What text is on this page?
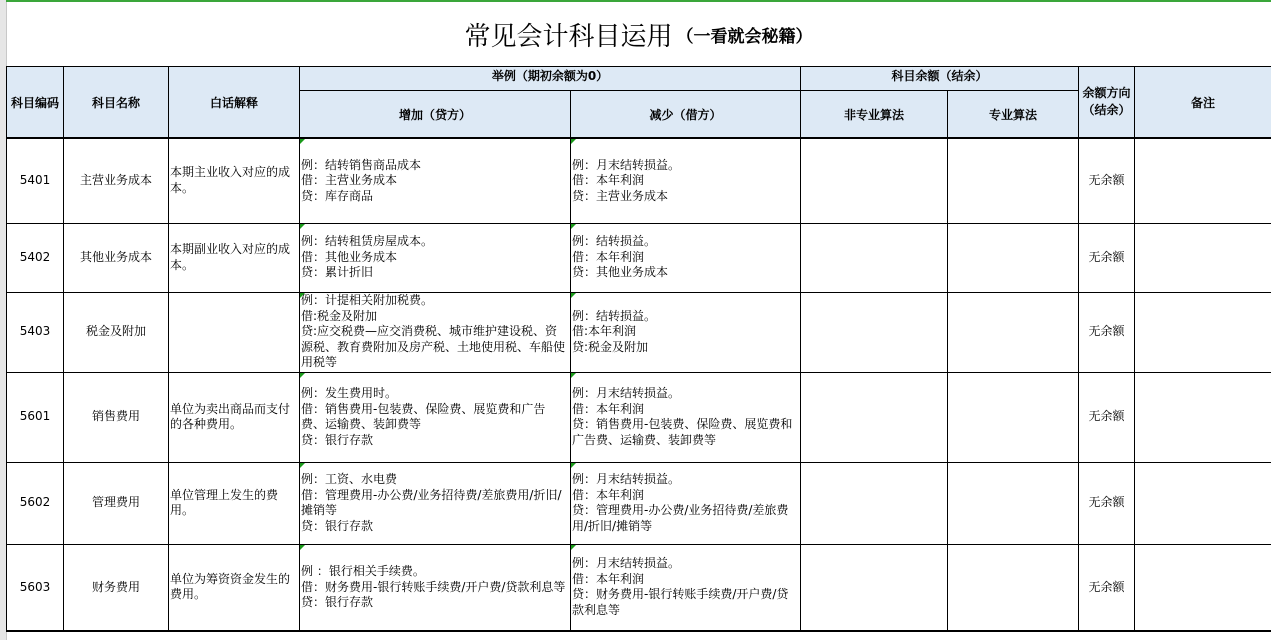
常见会计科目运用 （一看就会秘籍）
科目编码	科目名称	白话解释	举例（期初余额为0）		科目余额（结余）		余额方向（结余）	备注
			增加（贷方）	减少（借方）	非专业算法	专业算法		
5401	主营业务成本	本期主业收入对应的成本。	例：结转销售商品成本
借：主营业务成本
贷：库存商品	例：月末结转损益。
借：本年利润
贷：主营业务成本			无余额	
5402	其他业务成本	本期副业收入对应的成本。	例：结转租赁房屋成本。
借：其他业务成本
贷：累计折旧	例：结转损益。
借：本年利润
贷：其他业务成本			无余额	
5403	税金及附加		例：计提相关附加税费。
借:税金及附加
贷:应交税费—应交消费税、城市维护建设税、资源税、教育费附加及房产税、土地使用税、车船使用税等	例：结转损益。
借:本年利润
贷:税金及附加			无余额	
5601	销售费用	单位为卖出商品而支付的各种费用。	例：发生费用时。
借：销售费用-包装费、保险费、展览费和广告费、运输费、装卸费等
贷：银行存款	例：月末结转损益。
借：本年利润
贷：销售费用-包装费、保险费、展览费和广告费、运输费、装卸费等			无余额	
5602	管理费用	单位管理上发生的费用。	例：工资、水电费
借：管理费用-办公费/业务招待费/差旅费用/折旧/摊销等
贷：银行存款	例：月末结转损益。
借：本年利润
贷：管理费用-办公费/业务招待费/差旅费用/折旧/摊销等			无余额	
5603	财务费用	单位为筹资资金发生的费用。	例 ：银行相关手续费。
借：财务费用-银行转账手续费/开户费/贷款利息等
贷：银行存款	例：月末结转损益。
借：本年利润
贷：财务费用-银行转账手续费/开户费/贷款利息等			无余额	
